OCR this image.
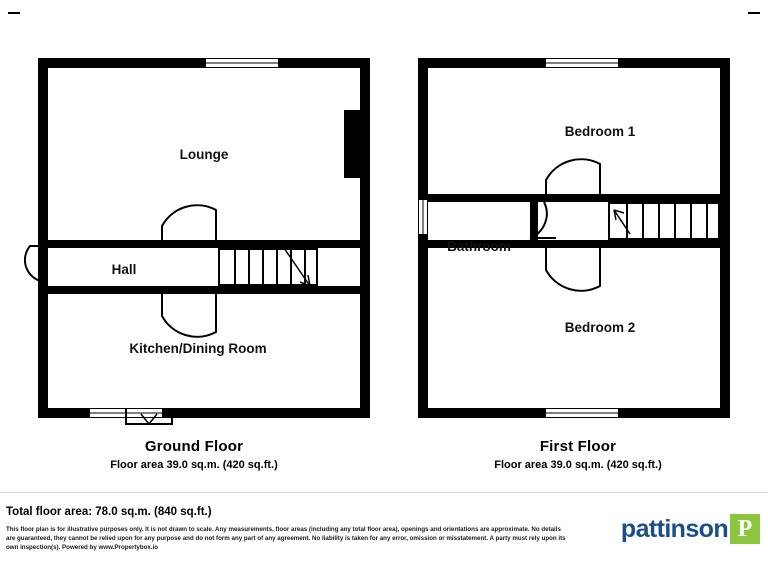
Lounge
Hall
Kitchen/Dining Room
Bedroom 1
Bathroom
Bedroom 2
Ground Floor
Floor area 39.0 sq.m. (420 sq.ft.)
First Floor
Floor area 39.0 sq.m. (420 sq.ft.)
Total floor area: 78.0 sq.m. (840 sq.ft.)
This floor plan is for illustrative purposes only. It is not drawn to scale. Any measurements, floor areas (including any total floor area), openings and orientations are approximate. No details are guaranteed, they cannot be relied upon for any purpose and do not form any part of any agreement. No liability is taken for any error, omission or misstatement. A party must rely upon its own inspection(s). Powered by www.Propertybox.io
pattinson P
